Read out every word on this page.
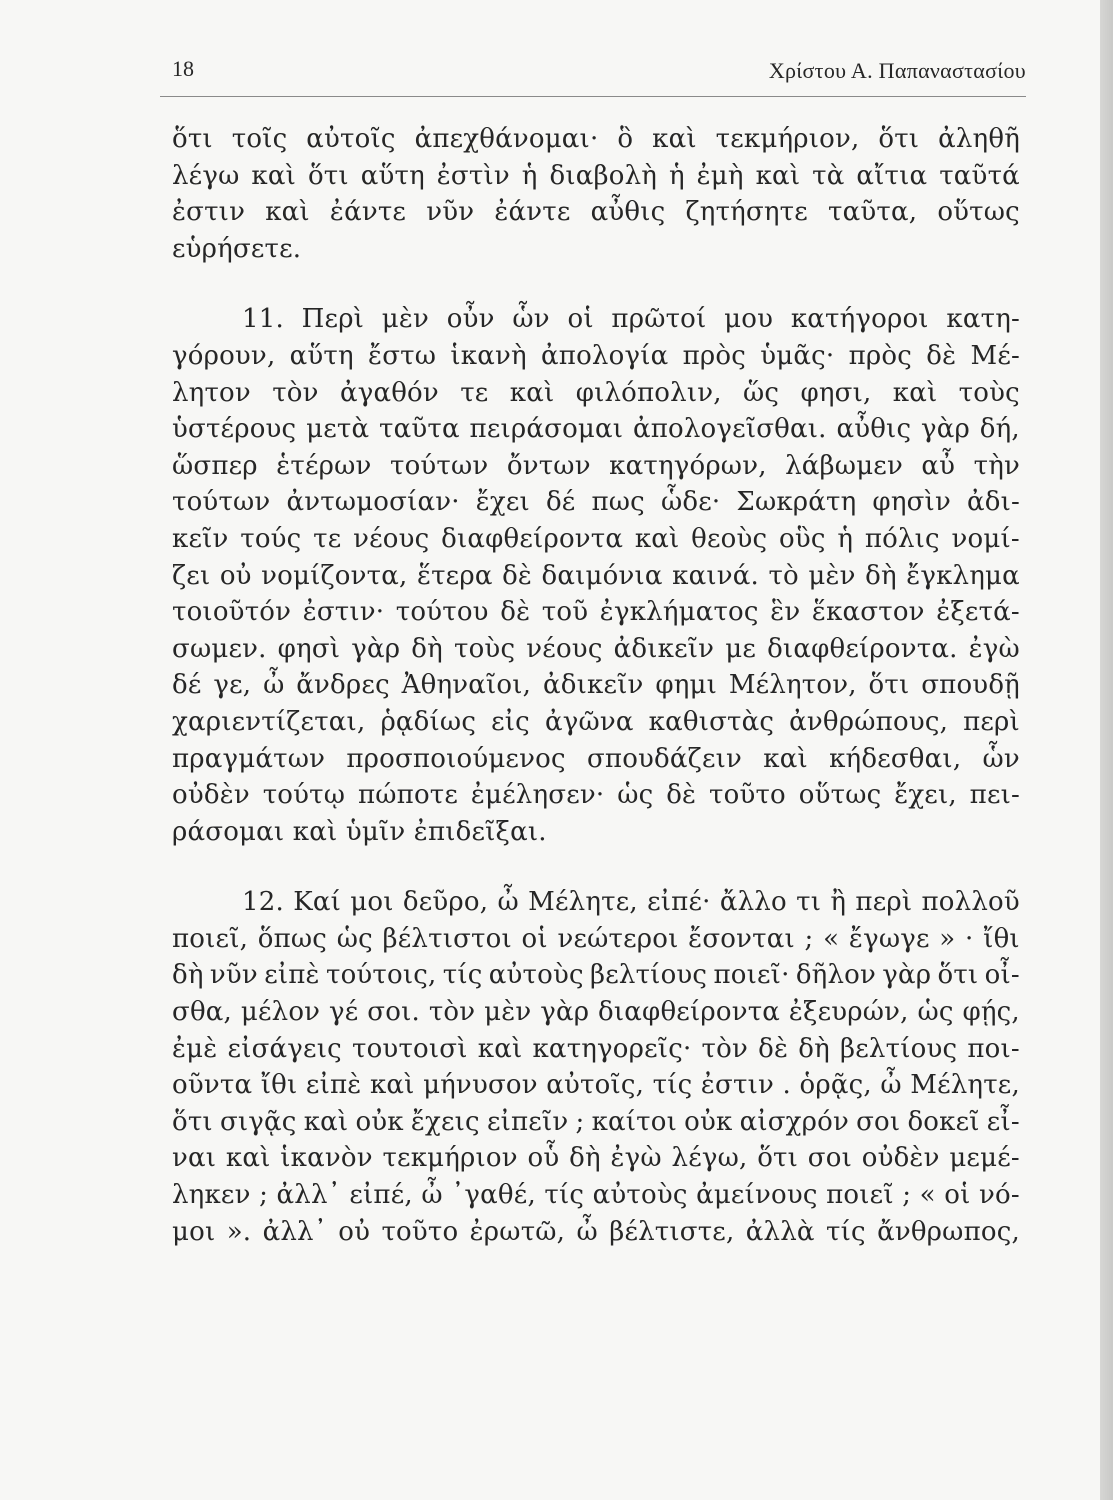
18	Χρίστου Α. Παπαναστασίου
ὅτι τοῖς αὐτοῖς ἀπεχθάνομαι· ὃ καὶ τεκμήριον, ὅτι ἀληθῆ
λέγω καὶ ὅτι αὕτη ἐστὶν ἡ διαβολὴ ἡ ἐμὴ καὶ τὰ αἴτια ταῦτά
ἐστιν καὶ ἐάντε νῦν ἐάντε αὖθις ζητήσητε ταῦτα, οὕτως
εὑρήσετε.
11. Περὶ μὲν οὖν ὧν οἱ πρῶτοί μου κατήγοροι κατη-
γόρουν, αὕτη ἔστω ἱκανὴ ἀπολογία πρὸς ὑμᾶς· πρὸς δὲ Μέ-
λητον τὸν ἀγαθόν τε καὶ φιλόπολιν, ὥς φησι, καὶ τοὺς
ὑστέρους μετὰ ταῦτα πειράσομαι ἀπολογεῖσθαι. αὖθις γὰρ δή,
ὥσπερ ἑτέρων τούτων ὄντων κατηγόρων, λάβωμεν αὖ τὴν
τούτων ἀντωμοσίαν· ἔχει δέ πως ὧδε· Σωκράτη φησὶν ἀδι-
κεῖν τούς τε νέους διαφθείροντα καὶ θεοὺς οὓς ἡ πόλις νομί-
ζει οὐ νομίζοντα, ἕτερα δὲ δαιμόνια καινά. τὸ μὲν δὴ ἔγκλημα
τοιοῦτόν ἐστιν· τούτου δὲ τοῦ ἐγκλήματος ἓν ἕκαστον ἐξετά-
σωμεν. φησὶ γὰρ δὴ τοὺς νέους ἀδικεῖν με διαφθείροντα. ἐγὼ
δέ γε, ὦ ἄνδρες Ἀθηναῖοι, ἀδικεῖν φημι Μέλητον, ὅτι σπουδῇ
χαριεντίζεται, ῥᾳδίως εἰς ἀγῶνα καθιστὰς ἀνθρώπους, περὶ
πραγμάτων προσποιούμενος σπουδάζειν καὶ κήδεσθαι, ὧν
οὐδὲν τούτῳ πώποτε ἐμέλησεν· ὡς δὲ τοῦτο οὕτως ἔχει, πει-
ράσομαι καὶ ὑμῖν ἐπιδεῖξαι.
12. Καί μοι δεῦρο, ὦ Μέλητε, εἰπέ· ἄλλο τι ἢ περὶ πολλοῦ
ποιεῖ, ὅπως ὡς βέλτιστοι οἱ νεώτεροι ἔσονται ; « ἔγωγε » · ἴθι
δὴ νῦν εἰπὲ τούτοις, τίς αὐτοὺς βελτίους ποιεῖ· δῆλον γὰρ ὅτι οἶ-
σθα, μέλον γέ σοι. τὸν μὲν γὰρ διαφθείροντα ἐξευρών, ὡς φῄς,
ἐμὲ εἰσάγεις τουτοισὶ καὶ κατηγορεῖς· τὸν δὲ δὴ βελτίους ποι-
οῦντα ἴθι εἰπὲ καὶ μήνυσον αὐτοῖς, τίς ἐστιν . ὁρᾷς, ὦ Μέλητε,
ὅτι σιγᾷς καὶ οὐκ ἔχεις εἰπεῖν ; καίτοι οὐκ αἰσχρόν σοι δοκεῖ εἶ-
ναι καὶ ἱκανὸν τεκμήριον οὗ δὴ ἐγὼ λέγω, ὅτι σοι οὐδὲν μεμέ-
ληκεν ; ἀλλ᾽ εἰπέ, ὦ ᾽γαθέ, τίς αὐτοὺς ἀμείνους ποιεῖ ; « οἱ νό-
μοι ». ἀλλ᾽ οὐ τοῦτο ἐρωτῶ, ὦ βέλτιστε, ἀλλὰ τίς ἄνθρωπος,
